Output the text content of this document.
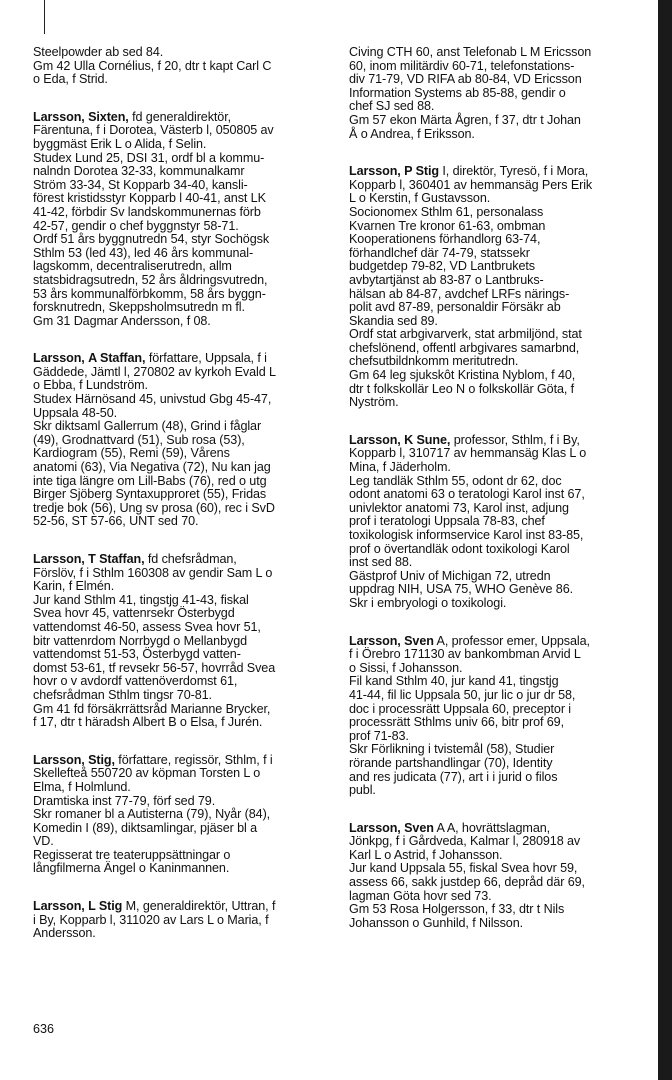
Steelpowder ab sed 84.
Gm 42 Ulla Cornélius, f 20, dtr t kapt Carl C
o Eda, f Strid.
Larsson, Sixten, fd generaldirektör,
Färentuna, f i Dorotea, Västerb l, 050805 av
byggmäst Erik L o Alida, f Selin.
Studex Lund 25, DSI 31, ordf bl a kommu-
nalndn Dorotea 32-33, kommunalkamr
Ström 33-34, St Kopparb 34-40, kansli-
förest kristidsstyr Kopparb l 40-41, anst LK
41-42, förbdir Sv landskommunernas förb
42-57, gendir o chef byggnstyr 58-71.
Ordf 51 års byggnutredn 54, styr Sochögsk
Sthlm 53 (led 43), led 46 års kommunal-
lagskomm, decentraliserutredn, allm
statsbidragsutredn, 52 års åldringsvutredn,
53 års kommunalförbkomm, 58 års byggn-
forsknutredn, Skeppsholmsutredn m fl.
Gm 31 Dagmar Andersson, f 08.
Larsson, A Staffan, författare, Uppsala, f i
Gäddede, Jämtl l, 270802 av kyrkoh Evald L
o Ebba, f Lundström.
Studex Härnösand 45, univstud Gbg 45-47,
Uppsala 48-50.
Skr diktsaml Gallerrum (48), Grind i fåglar
(49), Grodnattvard (51), Sub rosa (53),
Kardiogram (55), Remi (59), Vårens
anatomi (63), Via Negativa (72), Nu kan jag
inte tiga längre om Lill-Babs (76), red o utg
Birger Sjöberg Syntaxupproret (55), Fridas
tredje bok (56), Ung sv prosa (60), rec i SvD
52-56, ST 57-66, UNT sed 70.
Larsson, T Staffan, fd chefsrådman,
Förslöv, f i Sthlm 160308 av gendir Sam L o
Karin, f Elmén.
Jur kand Sthlm 41, tingstjg 41-43, fiskal
Svea hovr 45, vattenrsekr Österbygd
vattendomst 46-50, assess Svea hovr 51,
bitr vattenrdom Norrbygd o Mellanbygd
vattendomst 51-53, Österbygd vatten-
domst 53-61, tf revsekr 56-57, hovrråd Svea
hovr o v avdordf vattenöverdomst 61,
chefsrådman Sthlm tingsr 70-81.
Gm 41 fd försäkrrättsråd Marianne Brycker,
f 17, dtr t häradsh Albert B o Elsa, f Jurén.
Larsson, Stig, författare, regissör, Sthlm, f i
Skellefteå 550720 av köpman Torsten L o
Elma, f Holmlund.
Dramtiska inst 77-79, förf sed 79.
Skr romaner bl a Autisterna (79), Nyår (84),
Komedin I (89), diktsamlingar, pjäser bl a
VD.
Regisserat tre teateruppsättningar o
långfilmerna Ängel o Kaninmannen.
Larsson, L Stig M, generaldirektör, Uttran, f
i By, Kopparb l, 311020 av Lars L o Maria, f
Andersson.
Civing CTH 60, anst Telefonab L M Ericsson
60, inom militärdiv 60-71, telefonstations-
div 71-79, VD RIFA ab 80-84, VD Ericsson
Information Systems ab 85-88, gendir o
chef SJ sed 88.
Gm 57 ekon Märta Ågren, f 37, dtr t Johan
Å o Andrea, f Eriksson.
Larsson, P Stig I, direktör, Tyresö, f i Mora,
Kopparb l, 360401 av hemmansäg Pers Erik
L o Kerstin, f Gustavsson.
Socionomex Sthlm 61, personalass
Kvarnen Tre kronor 61-63, ombman
Kooperationens förhandlorg 63-74,
förhandlchef där 74-79, statssekr
budgetdep 79-82, VD Lantbrukets
avbytartjänst ab 83-87 o Lantbruks-
hälsan ab 84-87, avdchef LRFs närings-
polit avd 87-89, personaldir Försäkr ab
Skandia sed 89.
Ordf stat arbgivarverk, stat arbmiljönd, stat
chefslönend, offentl arbgivares samarbnd,
chefsutbildnkomm meritutredn.
Gm 64 leg sjukskôt Kristina Nyblom, f 40,
dtr t folkskollär Leo N o folkskollär Göta, f
Nyström.
Larsson, K Sune, professor, Sthlm, f i By,
Kopparb l, 310717 av hemmansäg Klas L o
Mina, f Jäderholm.
Leg tandläk Sthlm 55, odont dr 62, doc
odont anatomi 63 o teratologi Karol inst 67,
univlektor anatomi 73, Karol inst, adjung
prof i teratologi Uppsala 78-83, chef
toxikologisk informservice Karol inst 83-85,
prof o övertandläk odont toxikologi Karol
inst sed 88.
Gästprof Univ of Michigan 72, utredn
uppdrag NIH, USA 75, WHO Genève 86.
Skr i embryologi o toxikologi.
Larsson, Sven A, professor emer, Uppsala,
f i Örebro 171130 av bankombman Arvid L
o Sissi, f Johansson.
Fil kand Sthlm 40, jur kand 41, tingstjg
41-44, fil lic Uppsala 50, jur lic o jur dr 58,
doc i processrätt Uppsala 60, preceptor i
processrätt Sthlms univ 66, bitr prof 69,
prof 71-83.
Skr Förlikning i tvistemål (58), Studier
rörande partshandlingar (70), Identity
and res judicata (77), art i i jurid o filos
publ.
Larsson, Sven A A, hovrättslagman,
Jönkpg, f i Gårdveda, Kalmar l, 280918 av
Karl L o Astrid, f Johansson.
Jur kand Uppsala 55, fiskal Svea hovr 59,
assess 66, sakk justdep 66, depråd där 69,
lagman Göta hovr sed 73.
Gm 53 Rosa Holgersson, f 33, dtr t Nils
Johansson o Gunhild, f Nilsson.
636
